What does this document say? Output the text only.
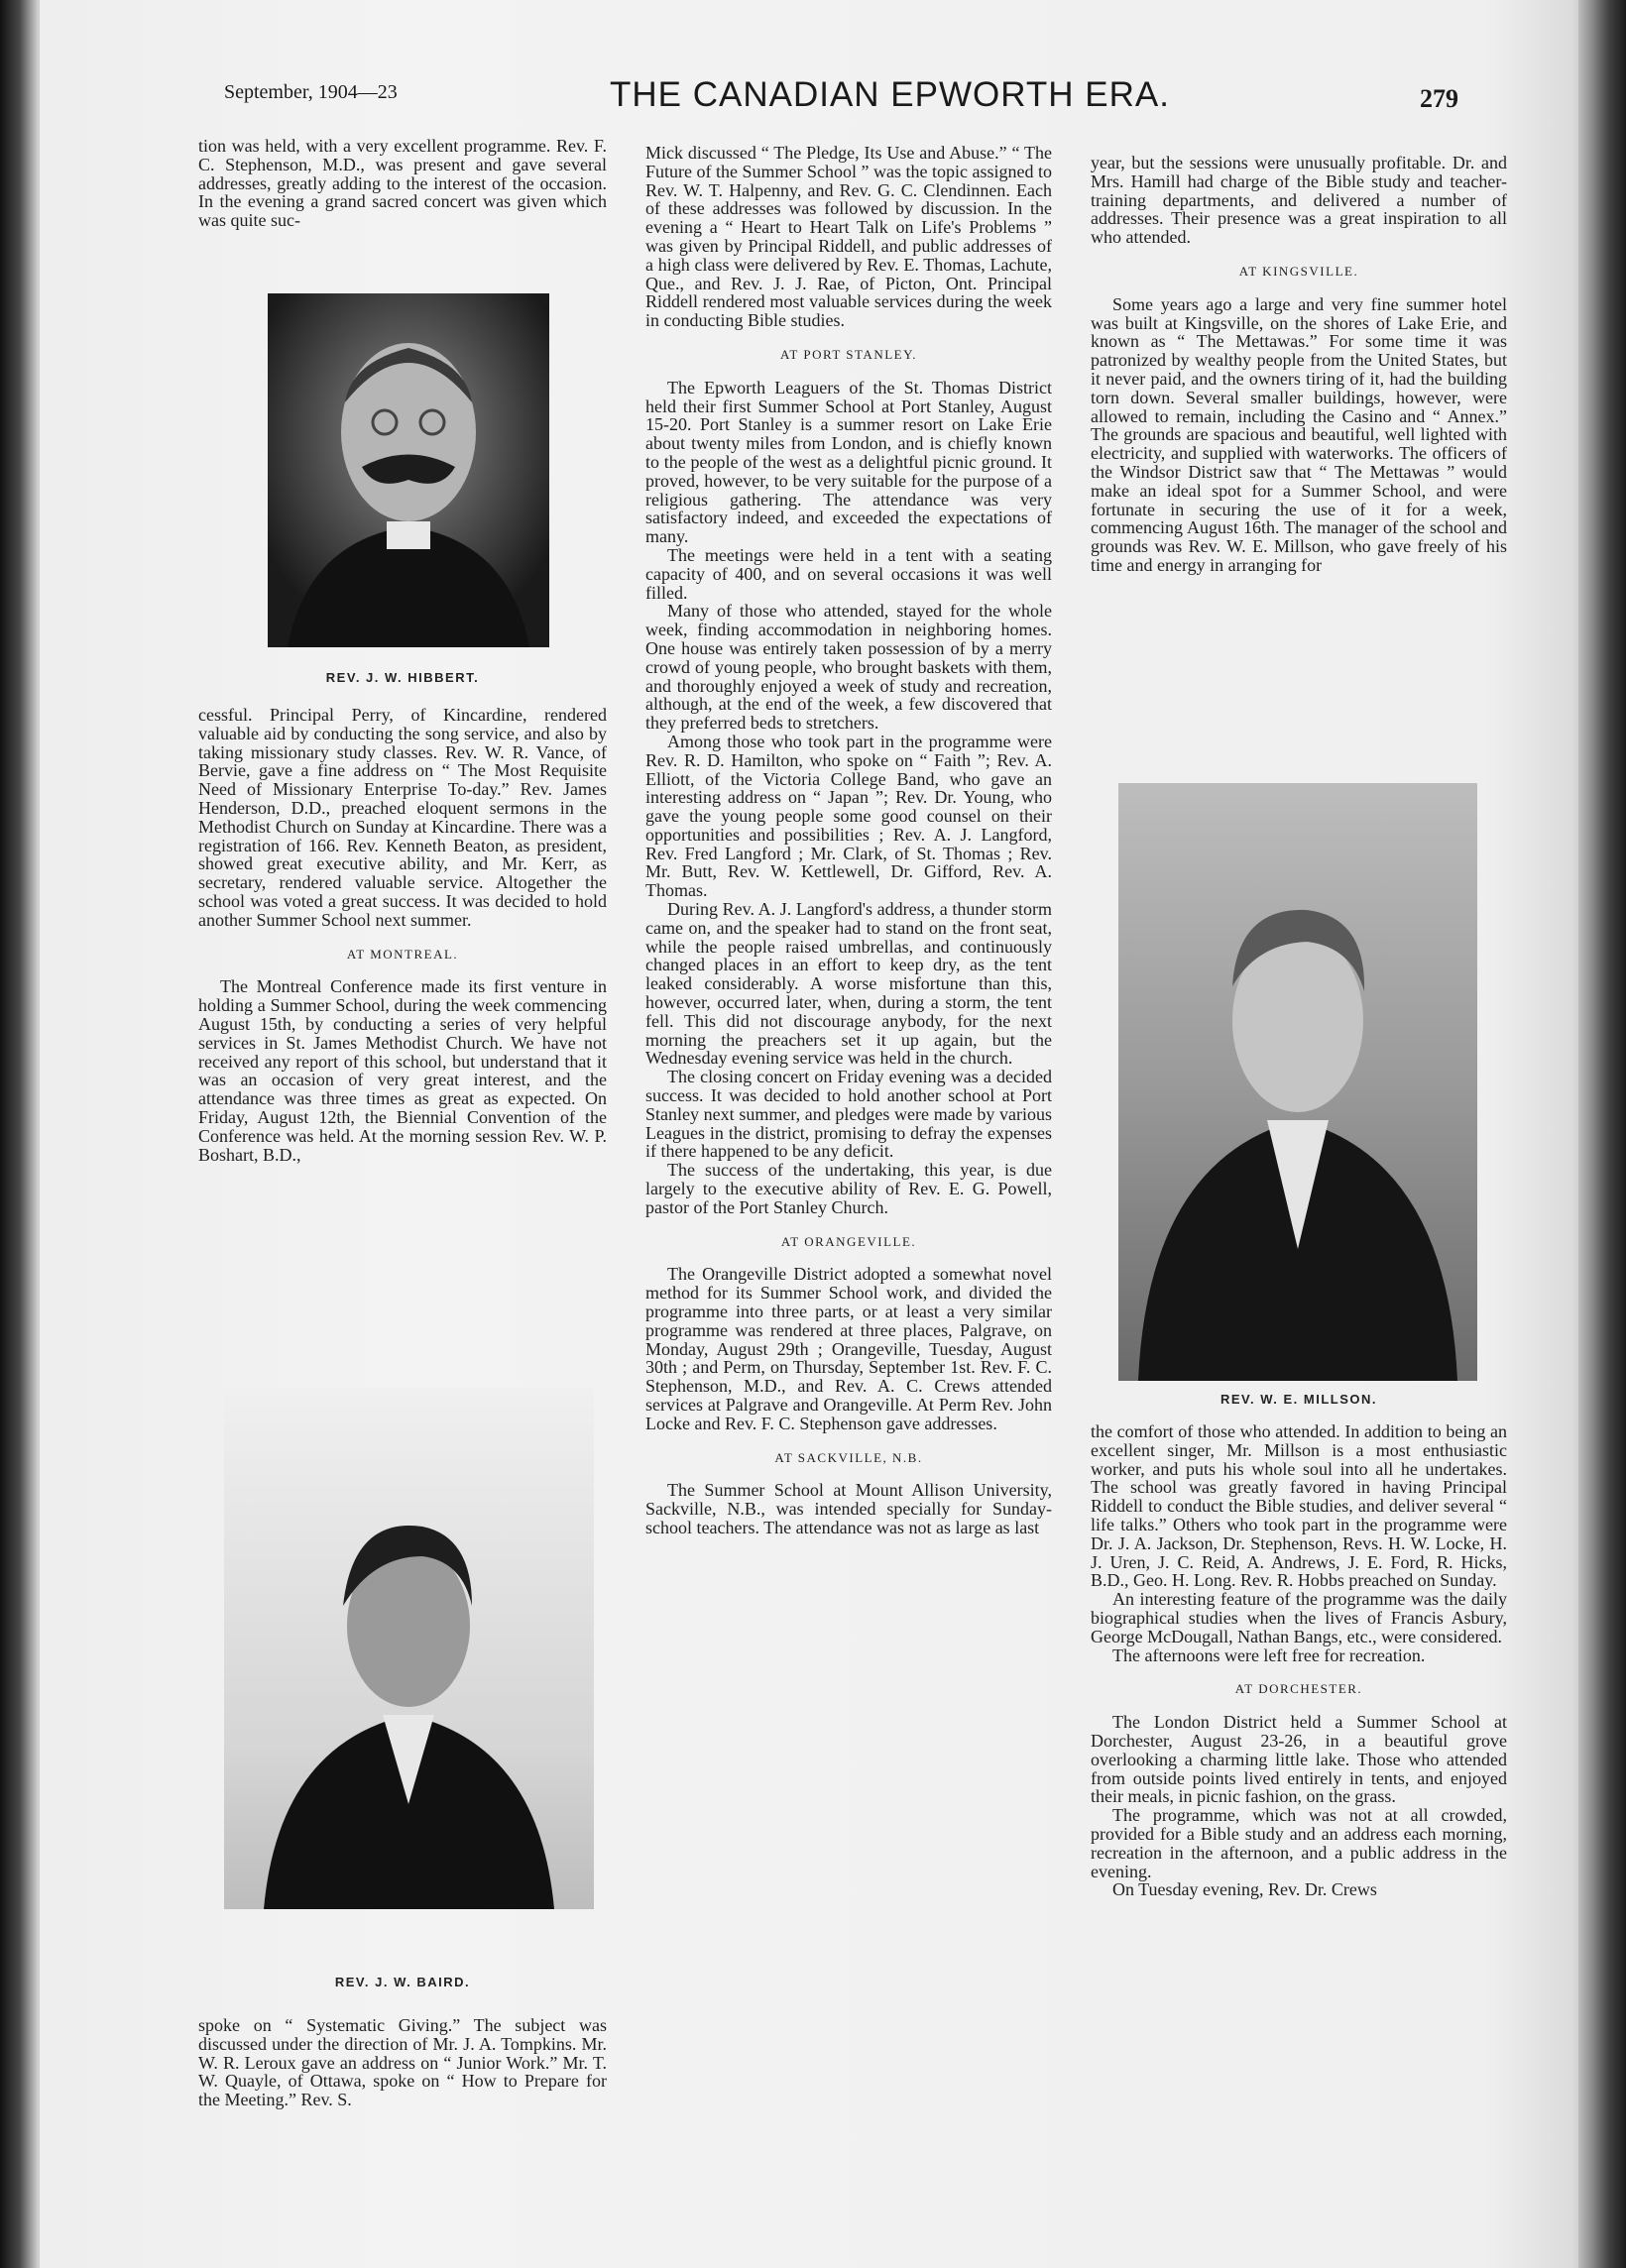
September, 1904—23	THE CANADIAN EPWORTH ERA.	279

tion was held, with a very excellent programme. Rev. F. C. Stephenson, M.D., was present and gave several addresses, greatly adding to the interest of the occasion. In the evening a grand sacred concert was given which was quite suc-

REV. J. W. HIBBERT.

cessful. Principal Perry, of Kincardine, rendered valuable aid by conducting the song service, and also by taking missionary study classes. Rev. W. R. Vance, of Bervie, gave a fine address on “ The Most Requisite Need of Missionary Enterprise To-day.” Rev. James Henderson, D.D., preached eloquent sermons in the Methodist Church on Sunday at Kincardine. There was a registration of 166. Rev. Kenneth Beaton, as president, showed great executive ability, and Mr. Kerr, as secretary, rendered valuable service. Altogether the school was voted a great success. It was decided to hold another Summer School next summer.

AT MONTREAL.

The Montreal Conference made its first venture in holding a Summer School, during the week commencing August 15th, by conducting a series of very helpful services in St. James Methodist Church. We have not received any report of this school, but understand that it was an occasion of very great interest, and the attendance was three times as great as expected. On Friday, August 12th, the Biennial Convention of the Conference was held. At the morning session Rev. W. P. Boshart, B.D.,

REV. J. W. BAIRD.

spoke on “ Systematic Giving.” The subject was discussed under the direction of Mr. J. A. Tompkins. Mr. W. R. Leroux gave an address on “ Junior Work.” Mr. T. W. Quayle, of Ottawa, spoke on “ How to Prepare for the Meeting.” Rev. S.

Mick discussed “ The Pledge, Its Use and Abuse.” “ The Future of the Summer School ” was the topic assigned to Rev. W. T. Halpenny, and Rev. G. C. Clendinnen. Each of these addresses was followed by discussion. In the evening a “ Heart to Heart Talk on Life's Problems ” was given by Principal Riddell, and public addresses of a high class were delivered by Rev. E. Thomas, Lachute, Que., and Rev. J. J. Rae, of Picton, Ont. Principal Riddell rendered most valuable services during the week in conducting Bible studies.

AT PORT STANLEY.

The Epworth Leaguers of the St. Thomas District held their first Summer School at Port Stanley, August 15-20. Port Stanley is a summer resort on Lake Erie about twenty miles from London, and is chiefly known to the people of the west as a delightful picnic ground. It proved, however, to be very suitable for the purpose of a religious gathering. The attendance was very satisfactory indeed, and exceeded the expectations of many.

The meetings were held in a tent with a seating capacity of 400, and on several occasions it was well filled.

Many of those who attended, stayed for the whole week, finding accommodation in neighboring homes. One house was entirely taken possession of by a merry crowd of young people, who brought baskets with them, and thoroughly enjoyed a week of study and recreation, although, at the end of the week, a few discovered that they preferred beds to stretchers.

Among those who took part in the programme were Rev. R. D. Hamilton, who spoke on “ Faith ”; Rev. A. Elliott, of the Victoria College Band, who gave an interesting address on “ Japan ”; Rev. Dr. Young, who gave the young people some good counsel on their opportunities and possibilities ; Rev. A. J. Langford, Rev. Fred Langford ; Mr. Clark, of St. Thomas ; Rev. Mr. Butt, Rev. W. Kettlewell, Dr. Gifford, Rev. A. Thomas.

During Rev. A. J. Langford's address, a thunder storm came on, and the speaker had to stand on the front seat, while the people raised umbrellas, and continuously changed places in an effort to keep dry, as the tent leaked considerably. A worse misfortune than this, however, occurred later, when, during a storm, the tent fell. This did not discourage anybody, for the next morning the preachers set it up again, but the Wednesday evening service was held in the church.

The closing concert on Friday evening was a decided success. It was decided to hold another school at Port Stanley next summer, and pledges were made by various Leagues in the district, promising to defray the expenses if there happened to be any deficit.

The success of the undertaking, this year, is due largely to the executive ability of Rev. E. G. Powell, pastor of the Port Stanley Church.

AT ORANGEVILLE.

The Orangeville District adopted a somewhat novel method for its Summer School work, and divided the programme into three parts, or at least a very similar programme was rendered at three places, Palgrave, on Monday, August 29th ; Orangeville, Tuesday, August 30th ; and Perm, on Thursday, September 1st. Rev. F. C. Stephenson, M.D., and Rev. A. C. Crews attended services at Palgrave and Orangeville. At Perm Rev. John Locke and Rev. F. C. Stephenson gave addresses.

AT SACKVILLE, N.B.

The Summer School at Mount Allison University, Sackville, N.B., was intended specially for Sunday-school teachers. The attendance was not as large as last

year, but the sessions were unusually profitable. Dr. and Mrs. Hamill had charge of the Bible study and teacher-training departments, and delivered a number of addresses. Their presence was a great inspiration to all who attended.

AT KINGSVILLE.

Some years ago a large and very fine summer hotel was built at Kingsville, on the shores of Lake Erie, and known as “ The Mettawas.” For some time it was patronized by wealthy people from the United States, but it never paid, and the owners tiring of it, had the building torn down. Several smaller buildings, however, were allowed to remain, including the Casino and “ Annex.” The grounds are spacious and beautiful, well lighted with electricity, and supplied with waterworks. The officers of the Windsor District saw that “ The Mettawas ” would make an ideal spot for a Summer School, and were fortunate in securing the use of it for a week, commencing August 16th. The manager of the school and grounds was Rev. W. E. Millson, who gave freely of his time and energy in arranging for

REV. W. E. MILLSON.

the comfort of those who attended. In addition to being an excellent singer, Mr. Millson is a most enthusiastic worker, and puts his whole soul into all he undertakes. The school was greatly favored in having Principal Riddell to conduct the Bible studies, and deliver several “ life talks.” Others who took part in the programme were Dr. J. A. Jackson, Dr. Stephenson, Revs. H. W. Locke, H. J. Uren, J. C. Reid, A. Andrews, J. E. Ford, R. Hicks, B.D., Geo. H. Long. Rev. R. Hobbs preached on Sunday.

An interesting feature of the programme was the daily biographical studies when the lives of Francis Asbury, George McDougall, Nathan Bangs, etc., were considered.

The afternoons were left free for recreation.

AT DORCHESTER.

The London District held a Summer School at Dorchester, August 23-26, in a beautiful grove overlooking a charming little lake. Those who attended from outside points lived entirely in tents, and enjoyed their meals, in picnic fashion, on the grass.

The programme, which was not at all crowded, provided for a Bible study and an address each morning, recreation in the afternoon, and a public address in the evening.

On Tuesday evening, Rev. Dr. Crews
